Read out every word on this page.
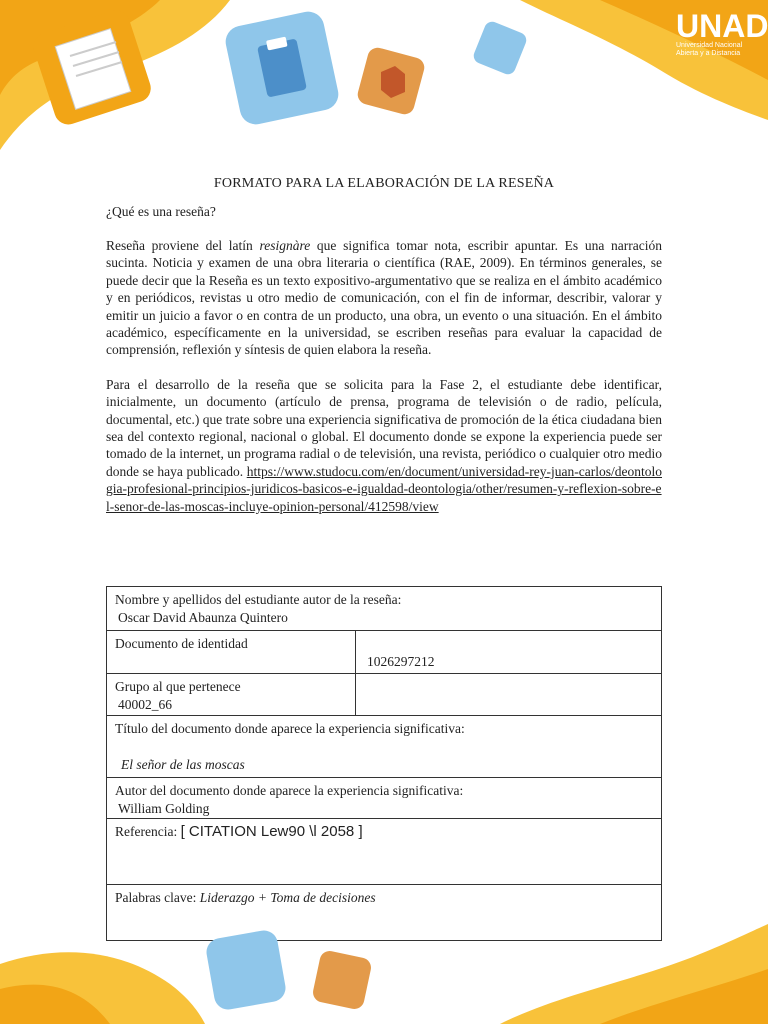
UNAD
Universidad Nacional
Abierta y a Distancia
FORMATO PARA LA ELABORACIÓN DE LA RESEÑA
¿Qué es una reseña?

Reseña proviene del latín resignàre que significa tomar nota, escribir apuntar. Es una narración sucinta. Noticia y examen de una obra literaria o científica (RAE, 2009). En términos generales, se puede decir que la Reseña es un texto expositivo-argumentativo que se realiza en el ámbito académico y en periódicos, revistas u otro medio de comunicación, con el fin de informar, describir, valorar y emitir un juicio a favor o en contra de un producto, una obra, un evento o una situación. En el ámbito académico, específicamente en la universidad, se escriben reseñas para evaluar la capacidad de comprensión, reflexión y síntesis de quien elabora la reseña.

Para el desarrollo de la reseña que se solicita para la Fase 2, el estudiante debe identificar, inicialmente, un documento (artículo de prensa, programa de televisión o de radio, película, documental, etc.) que trate sobre una experiencia significativa de promoción de la ética ciudadana bien sea del contexto regional, nacional o global. El documento donde se expone la experiencia puede ser tomado de la internet, un programa radial o de televisión, una revista, periódico o cualquier otro medio donde se haya publicado. https://www.studocu.com/en/document/universidad-rey-juan-carlos/deontologia-profesional-principios-juridicos-basicos-e-igualdad-deontologia/other/resumen-y-reflexion-sobre-el-senor-de-las-moscas-incluye-opinion-personal/412598/view

Nombre y apellidos del estudiante autor de la reseña:
Oscar David Abaunza Quintero	

Documento de identidad	1026297212

Grupo al que pertenece
40002_66	

Título del documento donde aparece la experiencia significativa:
El señor de las moscas	

Autor del documento donde aparece la experiencia significativa:
William Golding	

Referencia: [ CITATION Lew90 \l 2058 ]	
Palabras clave: Liderazgo + Toma de decisiones	
